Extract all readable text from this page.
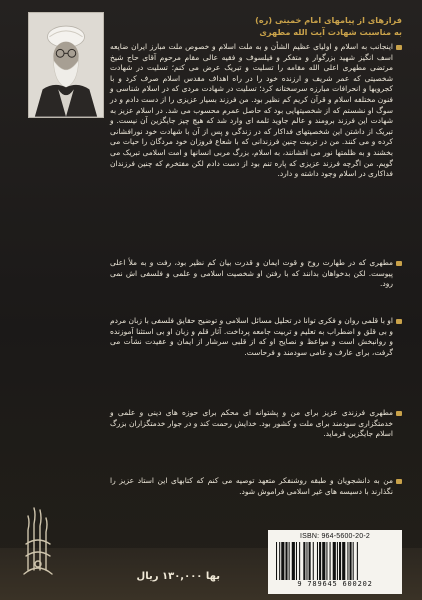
فرازهای از پیامهای امام خمینی (ره)
به مناسبت شهادت آیت الله مطهری
اینجانب به اسلام و اولیای عظیم الشأن و به ملت اسلام و خصوص ملت مبارز ایران ضایعه اسف انگیز شهید بزرگوار و متفکر و فیلسوف و فقیه عالی مقام مرحوم آقای حاج شیخ مرتضی مطهری اعلی الله مقامه را تسلیت و تبریک عرض می کنم؛ تسلیت در شهادت شخصیتی که عمر شریف و ارزنده خود را در راه اهداف مقدس اسلام صرف کرد و با کجرویها و انحرافات مبارزه سرسختانه کرد؛ تسلیت در شهادت مردی که در اسلام شناسی و فنون مختلفه اسلام و قرآن کریم کم نظیر بود. من فرزند بسیار عزیزی را از دست دادم و در سوگ او نشستم که از شخصیتهایی بود که حاصل عمرم محسوب می شد. در اسلام عزیز به شهادت این فرزند برومند و عالم جاوید ثلمه ای وارد شد که هیچ چیز جایگزین آن نیست. و تبریک از داشتن این شخصیتهای فداکار که در زندگی و پس از آن با شهادت خود نورافشانی کرده و می کنند. من در تربیت چنین فرزندانی که با شعاع فروزان خود مردگان را حیات می بخشند و به ظلمتها نور می افشانند، به اسلام، بزرگ مربی انسانها و امت اسلامی تبریک می گویم. من اگرچه فرزند عزیزی که پاره تنم بود از دست دادم لکن مفتخرم که چنین فرزندان فداکاری در اسلام وجود داشته و دارد.
مطهری که در طهارت روح و قوت ایمان و قدرت بیان کم نظیر بود، رفت و به ملأ اعلی پیوست. لکن بدخواهان بدانند که با رفتن او شخصیت اسلامی و علمی و فلسفی اش نمی رود.
او با قلمی روان و فکری توانا در تحلیل مسائل اسلامی و توضیح حقایق فلسفی با زبان مردم و بی قلق و اضطراب به تعلیم و تربیت جامعه پرداخت. آثار قلم و زبان او بی استثنا آموزنده و روانبخش است و مواعظ و نصایح او که از قلبی سرشار از ایمان و عقیدت نشأت می گرفت، برای عارف و عامی سودمند و فرحاست.
مطهری فرزندی عزیز برای من و پشتوانه ای محکم برای حوزه های دینی و علمی و خدمتگزاری سودمند برای ملت و کشور بود. خدایش رحمت کند و در جوار خدمتگزاران بزرگ اسلام جایگزین فرماید.
من به دانشجویان و طبقه روشنفکر متعهد توصیه می کنم که کتابهای این استاد عزیز را نگذارند با دسیسه های غیر اسلامی فراموش شود.
بها ۱۳۰,۰۰۰ ریال
ISBN: 964-5600-20-2
9 789645 600202
